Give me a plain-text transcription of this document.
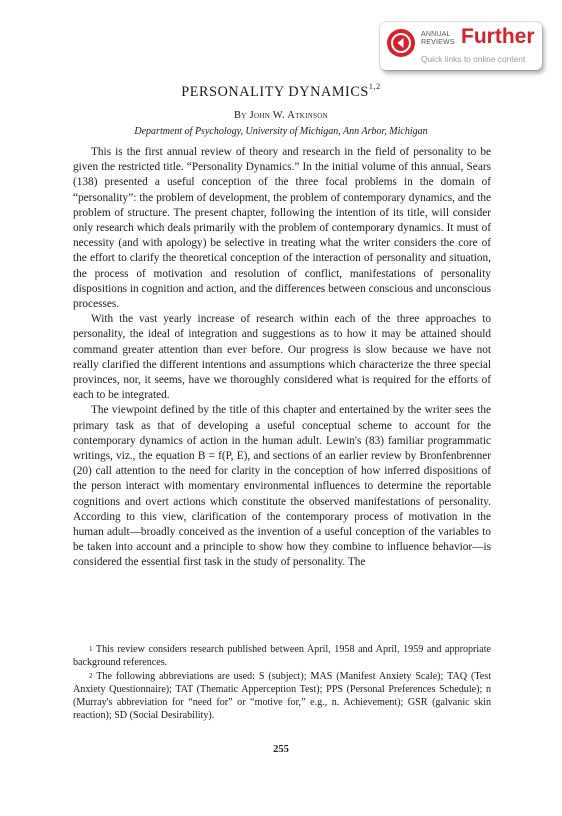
ANNUAL
REVIEWS Further
Quick links to online content
PERSONALITY DYNAMICS$^{1,2}$
By John W. Atkinson
Department of Psychology, University of Michigan, Ann Arbor, Michigan

This is the first annual review of theory and research in the field of personality to be given the restricted title. “Personality Dynamics.” In the initial volume of this annual, Sears (138) presented a useful conception of the three focal problems in the domain of “personality”: the problem of development, the problem of contemporary dynamics, and the problem of structure. The present chapter, following the intention of its title, will consider only research which deals primarily with the problem of contemporary dynamics. It must of necessity (and with apology) be selective in treating what the writer considers the core of the effort to clarify the theoretical conception of the interaction of personality and situation, the process of motivation and resolution of conflict, manifestations of personality dispositions in cognition and action, and the differences between conscious and unconscious processes.

With the vast yearly increase of research within each of the three approaches to personality, the ideal of integration and suggestions as to how it may be attained should command greater attention than ever before. Our progress is slow because we have not really clarified the different intentions and assumptions which characterize the three special provinces, nor, it seems, have we thoroughly considered what is required for the efforts of each to be integrated.

The viewpoint defined by the title of this chapter and entertained by the writer sees the primary task as that of developing a useful conceptual scheme to account for the contemporary dynamics of action in the human adult. Lewin's (83) familiar programmatic writings, viz., the equation B = f(P, E), and sections of an earlier review by Bronfenbrenner (20) call attention to the need for clarity in the conception of how inferred dispositions of the person interact with momentary environmental influences to determine the reportable cognitions and overt actions which constitute the observed manifestations of personality. According to this view, clarification of the contemporary process of motivation in the human adult—broadly conceived as the invention of a useful conception of the variables to be taken into account and a principle to show how they combine to influence behavior—is considered the essential first task in the study of personality. The

$^1$ This review considers research published between April, 1958 and April, 1959 and appropriate background references.

$^2$ The following abbreviations are used: S (subject); MAS (Manifest Anxiety Scale); TAQ (Test Anxiety Questionnaire); TAT (Thematic Apperception Test); PPS (Personal Preferences Schedule); n (Murray's abbreviation for “need for” or “motive for,” e.g., n. Achievement); GSR (galvanic skin reaction); SD (Social Desirability).

255
